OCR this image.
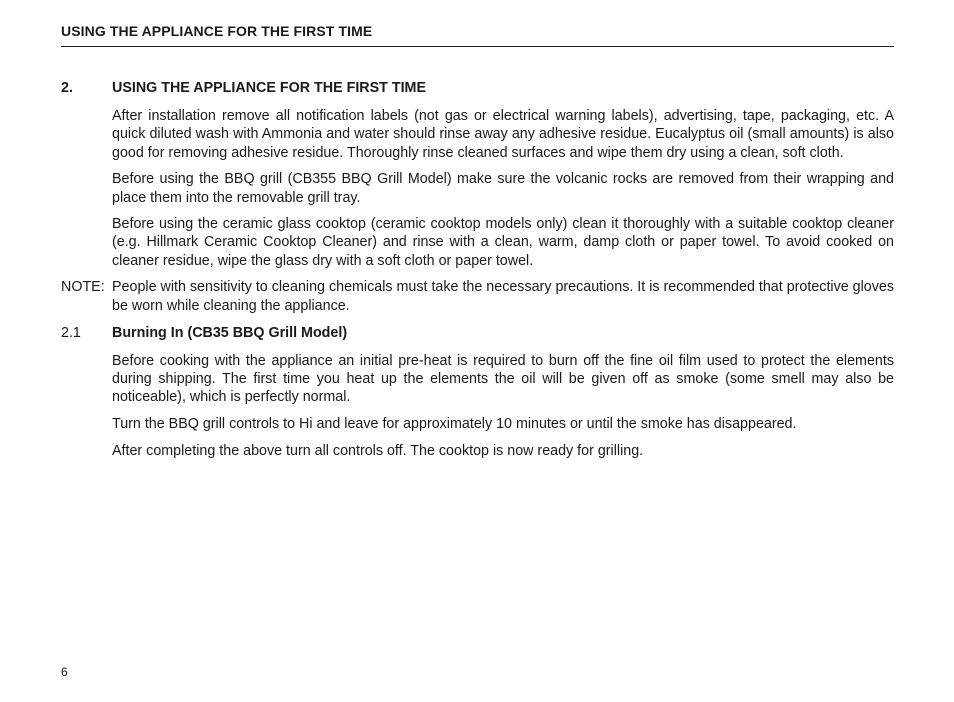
USING THE APPLIANCE FOR THE FIRST TIME
2.	USING THE APPLIANCE FOR THE FIRST TIME

After installation remove all notification labels (not gas or electrical warning labels), advertising, tape, packaging, etc. A quick diluted wash with Ammonia and water should rinse away any adhesive residue. Eucalyptus oil (small amounts) is also good for removing adhesive residue. Thoroughly rinse cleaned surfaces and wipe them dry using a clean, soft cloth.

Before using the BBQ grill (CB355 BBQ Grill Model) make sure the volcanic rocks are removed from their wrapping and place them into the removable grill tray.

Before using the ceramic glass cooktop (ceramic cooktop models only) clean it thoroughly with a suitable cooktop cleaner (e.g. Hillmark Ceramic Cooktop Cleaner) and rinse with a clean, warm, damp cloth or paper towel. To avoid cooked on cleaner residue, wipe the glass dry with a soft cloth or paper towel.

NOTE: People with sensitivity to cleaning chemicals must take the necessary precautions. It is recommended that protective gloves be worn while cleaning the appliance.
2.1	Burning In (CB35 BBQ Grill Model)

Before cooking with the appliance an initial pre-heat is required to burn off the fine oil film used to protect the elements during shipping. The first time you heat up the elements the oil will be given off as smoke (some smell may also be noticeable), which is perfectly normal.

Turn the BBQ grill controls to Hi and leave for approximately 10 minutes or until the smoke has disappeared.

After completing the above turn all controls off. The cooktop is now ready for grilling.

6
